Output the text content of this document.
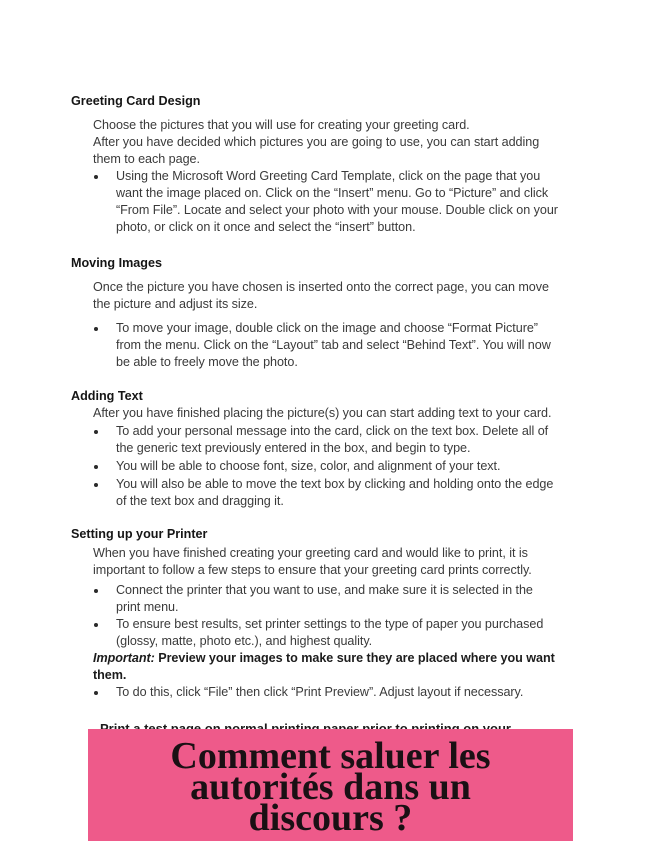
Greeting Card Design
Choose the pictures that you will use for creating your greeting card.
After you have decided which pictures you are going to use, you can start adding
them to each page.
Using the Microsoft Word Greeting Card Template, click on the page that you
want the image placed on. Click on the “Insert” menu. Go to “Picture” and click
“From File”. Locate and select your photo with your mouse. Double click on your
photo, or click on it once and select the “insert” button.
Moving Images
Once the picture you have chosen is inserted onto the correct page, you can move
the picture and adjust its size.
To move your image, double click on the image and choose “Format Picture”
from the menu. Click on the “Layout” tab and select “Behind Text”. You will now
be able to freely move the photo.
Adding Text
After you have finished placing the picture(s) you can start adding text to your card.
To add your personal message into the card, click on the text box. Delete all of
the generic text previously entered in the box, and begin to type.
You will be able to choose font, size, color, and alignment of your text.
You will also be able to move the text box by clicking and holding onto the edge
of the text box and dragging it.
Setting up your Printer
When you have finished creating your greeting card and would like to print, it is
important to follow a few steps to ensure that your greeting card prints correctly.
Connect the printer that you want to use, and make sure it is selected in the
print menu.
To ensure best results, set printer settings to the type of paper you purchased
(glossy, matte, photo etc.), and highest quality.
Important: Preview your images to make sure they are placed where you want
them.
To do this, click “File” then click “Print Preview”. Adjust layout if necessary.
Comment saluer les autorités dans un discours ?
